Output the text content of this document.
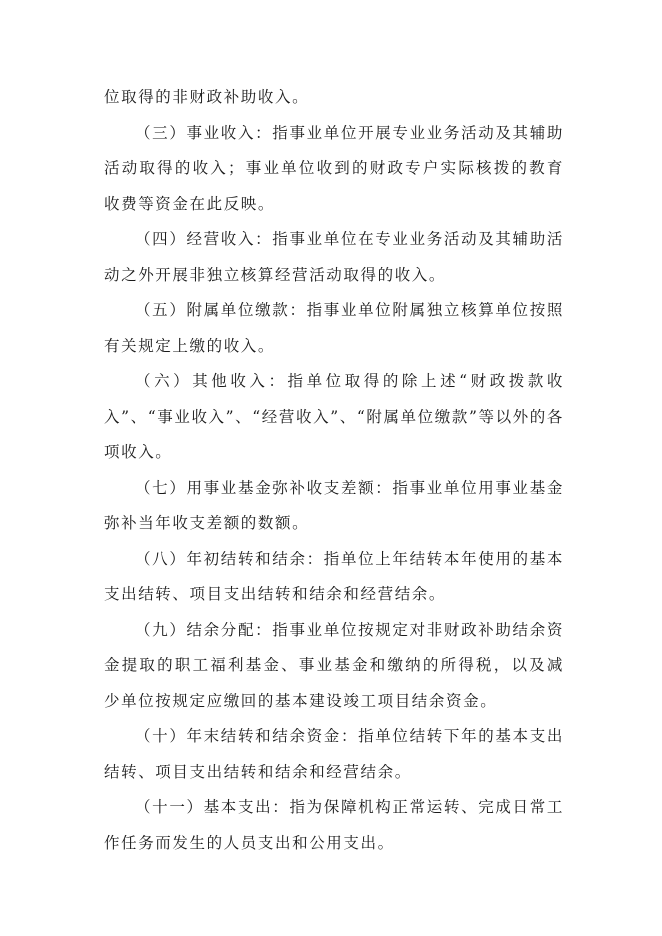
位取得的非财政补助收入。

（三）事业收入：指事业单位开展专业业务活动及其辅助活动取得的收入；事业单位收到的财政专户实际核拨的教育收费等资金在此反映。

（四）经营收入：指事业单位在专业业务活动及其辅助活动之外开展非独立核算经营活动取得的收入。

（五）附属单位缴款：指事业单位附属独立核算单位按照有关规定上缴的收入。

（六）其他收入：指单位取得的除上述“财政拨款收入”、“事业收入”、“经营收入”、“附属单位缴款”等以外的各项收入。

（七）用事业基金弥补收支差额：指事业单位用事业基金弥补当年收支差额的数额。

（八）年初结转和结余：指单位上年结转本年使用的基本支出结转、项目支出结转和结余和经营结余。

（九）结余分配：指事业单位按规定对非财政补助结余资金提取的职工福利基金、事业基金和缴纳的所得税，以及减少单位按规定应缴回的基本建设竣工项目结余资金。

（十）年末结转和结余资金：指单位结转下年的基本支出结转、项目支出结转和结余和经营结余。

（十一）基本支出：指为保障机构正常运转、完成日常工作任务而发生的人员支出和公用支出。
